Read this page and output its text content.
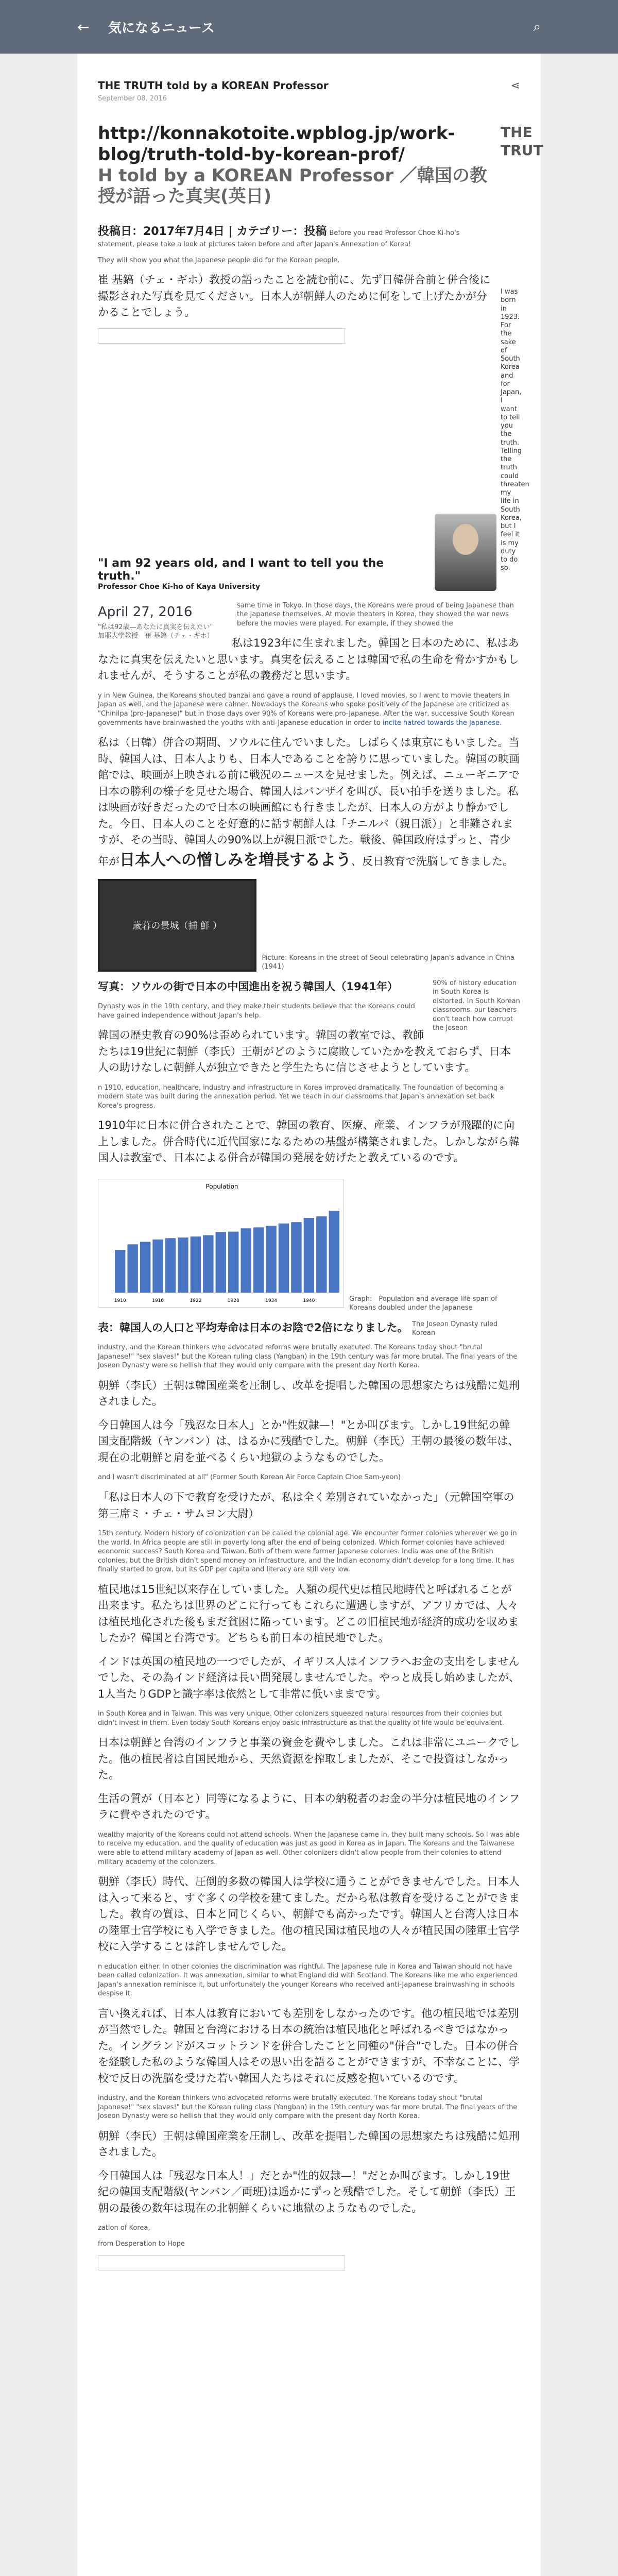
←	気になるニュース	⌕
THE TRUTH told by a KOREAN Professor	⋖
September 08, 2016
THE TRUT
I was born in 1923. For the sake of South Korea and for Japan, I want to tell you the truth. Telling the truth could threaten my life in South Korea, but I feel it is my duty to do so.
http://konnakotoite.wpblog.jp/work-blog/truth-told-by-korean-prof/
H told by a KOREAN Professor ／韓国の教授が語った真実(英日)
投稿日：2017年7月4日 | カテゴリー：投稿 Before you read Professor Choe Ki-ho's statement, please take a look at pictures taken before and after Japan's Annexation of Korea!

They will show you what the Japanese people did for the Korean people.

崔 基鎬（チェ・ギホ）教授の語ったことを読む前に、先ず日韓併合前と併合後に撮影された写真を見てください。日本人が朝鮮人のために何をして上げたかが分かることでしょう。

"I am 92 years old, and I want to tell you the truth."

Professor Choe Ki-ho of Kaya University
April 27, 2016
"私は92歳—あなたに真実を伝えたい"
加耶大学教授　崔 基鎬（チェ・ギホ）
same time in Tokyo. In those days, the Koreans were proud of being Japanese than the Japanese themselves. At movie theaters in Korea, they showed the war news before the movies were played. For example, if they showed the

私は1923年に生まれました。韓国と日本のために、私はあなたに真実を伝えたいと思います。真実を伝えることは韓国で私の生命を脅かすかもしれませんが、そうすることが私の義務だと思います。

y in New Guinea, the Koreans shouted banzai and gave a round of applause. I loved movies, so I went to movie theaters in Japan as well, and the Japanese were calmer. Nowadays the Koreans who spoke positively of the Japanese are criticized as "Chinilpa (pro-Japanese)" but in those days over 90% of Koreans were pro-Japanese. After the war, successive South Korean governments have brainwashed the youths with anti-Japanese education in order to incite hatred towards the Japanese.

私は（日韓）併合の期間、ソウルに住んでいました。しばらくは東京にもいました。当時、韓国人は、日本人よりも、日本人であることを誇りに思っていました。韓国の映画館では、映画が上映される前に戦況のニュースを見せました。例えば、ニューギニアで日本の勝利の様子を見せた場合、韓国人はバンザイを叫び、長い拍手を送りました。私は映画が好きだったので日本の映画館にも行きましたが、日本人の方がより静かでした。今日、日本人のことを好意的に話す朝鮮人は「チニルパ（親日派）」と非難されますが、その当時、韓国人の90%以上が親日派でした。戦後、韓国政府はずっと、青少年が日本人への憎しみを増長するよう、反日教育で洗脳してきました。

歳暮の景城（捕 鮮 ）
Picture: Koreans in the street of Seoul celebrating Japan's advance in China (1941)
90% of history education in South Korea is distorted. In South Korean classrooms, our teachers don't teach how corrupt the Joseon

写真：ソウルの街で日本の中国進出を祝う韓国人（1941年）

Dynasty was in the 19th century, and they make their students believe that the Koreans could have gained independence without Japan's help.

韓国の歴史教育の90%は歪められています。韓国の教室では、教師たちは19世紀に朝鮮（李氏）王朝がどのように腐敗していたかを教えておらず、日本人の助けなしに朝鮮人が独立できたと学生たちに信じさせようとしています。

n 1910, education, healthcare, industry and infrastructure in Korea improved dramatically. The foundation of becoming a modern state was built during the annexation period. Yet we teach in our classrooms that Japan's annexation set back Korea's progress.

1910年に日本に併合されたことで、韓国の教育、医療、産業、インフラが飛躍的に向上しました。併合時代に近代国家になるための基盤が構築されました。しかしながら韓国人は教室で、日本による併合が韓国の発展を妨げたと教えているのです。

Population
1910	1916	1922	1928	1934	1940	Graph:　Population and average life span of Koreans doubled under the Japanese
The Joseon Dynasty ruled Korean

表：韓国人の人口と平均寿命は日本のお陰で2倍になりました。

industry, and the Korean thinkers who advocated reforms were brutally executed. The Koreans today shout "brutal Japanese!" "sex slaves!" but the Korean ruling class (Yangban) in the 19th century was far more brutal. The final years of the Joseon Dynasty were so hellish that they would only compare with the present day North Korea.

朝鮮（李氏）王朝は韓国産業を圧制し、改革を提唱した韓国の思想家たちは残酷に処刑されました。

今日韓国人は今「残忍な日本人」とか"性奴隷—！"とか叫びます。しかし19世紀の韓国支配階級（ヤンバン）は、はるかに残酷でした。朝鮮（李氏）王朝の最後の数年は、現在の北朝鮮と肩を並べるくらい地獄のようなものでした。

and I wasn't discriminated at all" (Former South Korean Air Force Captain Choe Sam-yeon)

「私は日本人の下で教育を受けたが、私は全く差別されていなかった」（元韓国空軍の第三席ミ・チェ・サムヨン大尉）

15th century. Modern history of colonization can be called the colonial age. We encounter former colonies wherever we go in the world. In Africa people are still in poverty long after the end of being colonized. Which former colonies have achieved economic success? South Korea and Taiwan. Both of them were former Japanese colonies. India was one of the British colonies, but the British didn't spend money on infrastructure, and the Indian economy didn't develop for a long time. It has finally started to grow, but its GDP per capita and literacy are still very low.

植民地は15世紀以来存在していました。人類の現代史は植民地時代と呼ばれることが出来ます。私たちは世界のどこに行ってもこれらに遭遇しますが、アフリカでは、人々は植民地化された後もまだ貧困に陥っています。どこの旧植民地が経済的成功を収めましたか？韓国と台湾です。どちらも前日本の植民地でした。

インドは英国の植民地の一つでしたが、イギリス人はインフラへお金の支出をしませんでした、その為インド経済は長い間発展しませんでした。やっと成長し始めましたが、1人当たりGDPと識字率は依然として非常に低いままです。

in South Korea and in Taiwan. This was very unique. Other colonizers squeezed natural resources from their colonies but didn't invest in them. Even today South Koreans enjoy basic infrastructure as that the quality of life would be equivalent.

日本は朝鮮と台湾のインフラと事業の資金を費やしました。これは非常にユニークでした。他の植民者は自国民地から、天然資源を搾取しましたが、そこで投資はしなかった。

生活の質が（日本と）同等になるように、日本の納税者のお金の半分は植民地のインフラに費やされたのです。

wealthy majority of the Koreans could not attend schools. When the Japanese came in, they built many schools. So I was able to receive my education, and the quality of education was just as good in Korea as in Japan. The Koreans and the Taiwanese were able to attend military academy of Japan as well. Other colonizers didn't allow people from their colonies to attend military academy of the colonizers.

朝鮮（李氏）時代、圧倒的多数の韓国人は学校に通うことができませんでした。日本人は入って来ると、すぐ多くの学校を建てました。だから私は教育を受けることができました。教育の質は、日本と同じくらい、朝鮮でも高かったです。韓国人と台湾人は日本の陸軍士官学校にも入学できました。他の植民国は植民地の人々が植民国の陸軍士官学校に入学することは許しませんでした。

n education either. In other colonies the discrimination was rightful. The Japanese rule in Korea and Taiwan should not have been called colonization. It was annexation, similar to what England did with Scotland. The Koreans like me who experienced Japan's annexation reminisce it, but unfortunately the younger Koreans who received anti-Japanese brainwashing in schools despise it.

言い換えれば、日本人は教育においても差別をしなかったのです。他の植民地では差別が当然でした。韓国と台湾における日本の統治は植民地化と呼ばれるべきではなかった。イングランドがスコットランドを併合したことと同種の"併合"でした。日本の併合を経験した私のような韓国人はその思い出を語ることができますが、不幸なことに、学校で反日の洗脳を受けた若い韓国人たちはそれに反感を抱いているのです。

industry, and the Korean thinkers who advocated reforms were brutally executed. The Koreans today shout "brutal Japanese!" "sex slaves!" but the Korean ruling class (Yangban) in the 19th century was far more brutal. The final years of the Joseon Dynasty were so hellish that they would only compare with the present day North Korea.

朝鮮（李氏）王朝は韓国産業を圧制し、改革を提唱した韓国の思想家たちは残酷に処刑されました。

今日韓国人は「残忍な日本人！」だとか"性的奴隷—！"だとか叫びます。しかし19世紀の韓国支配階級(ヤンバン／両班)は遥かにずっと残酷でした。そして朝鮮（李氏）王朝の最後の数年は現在の北朝鮮くらいに地獄のようなものでした。

zation of Korea,

from Desperation to Hope
